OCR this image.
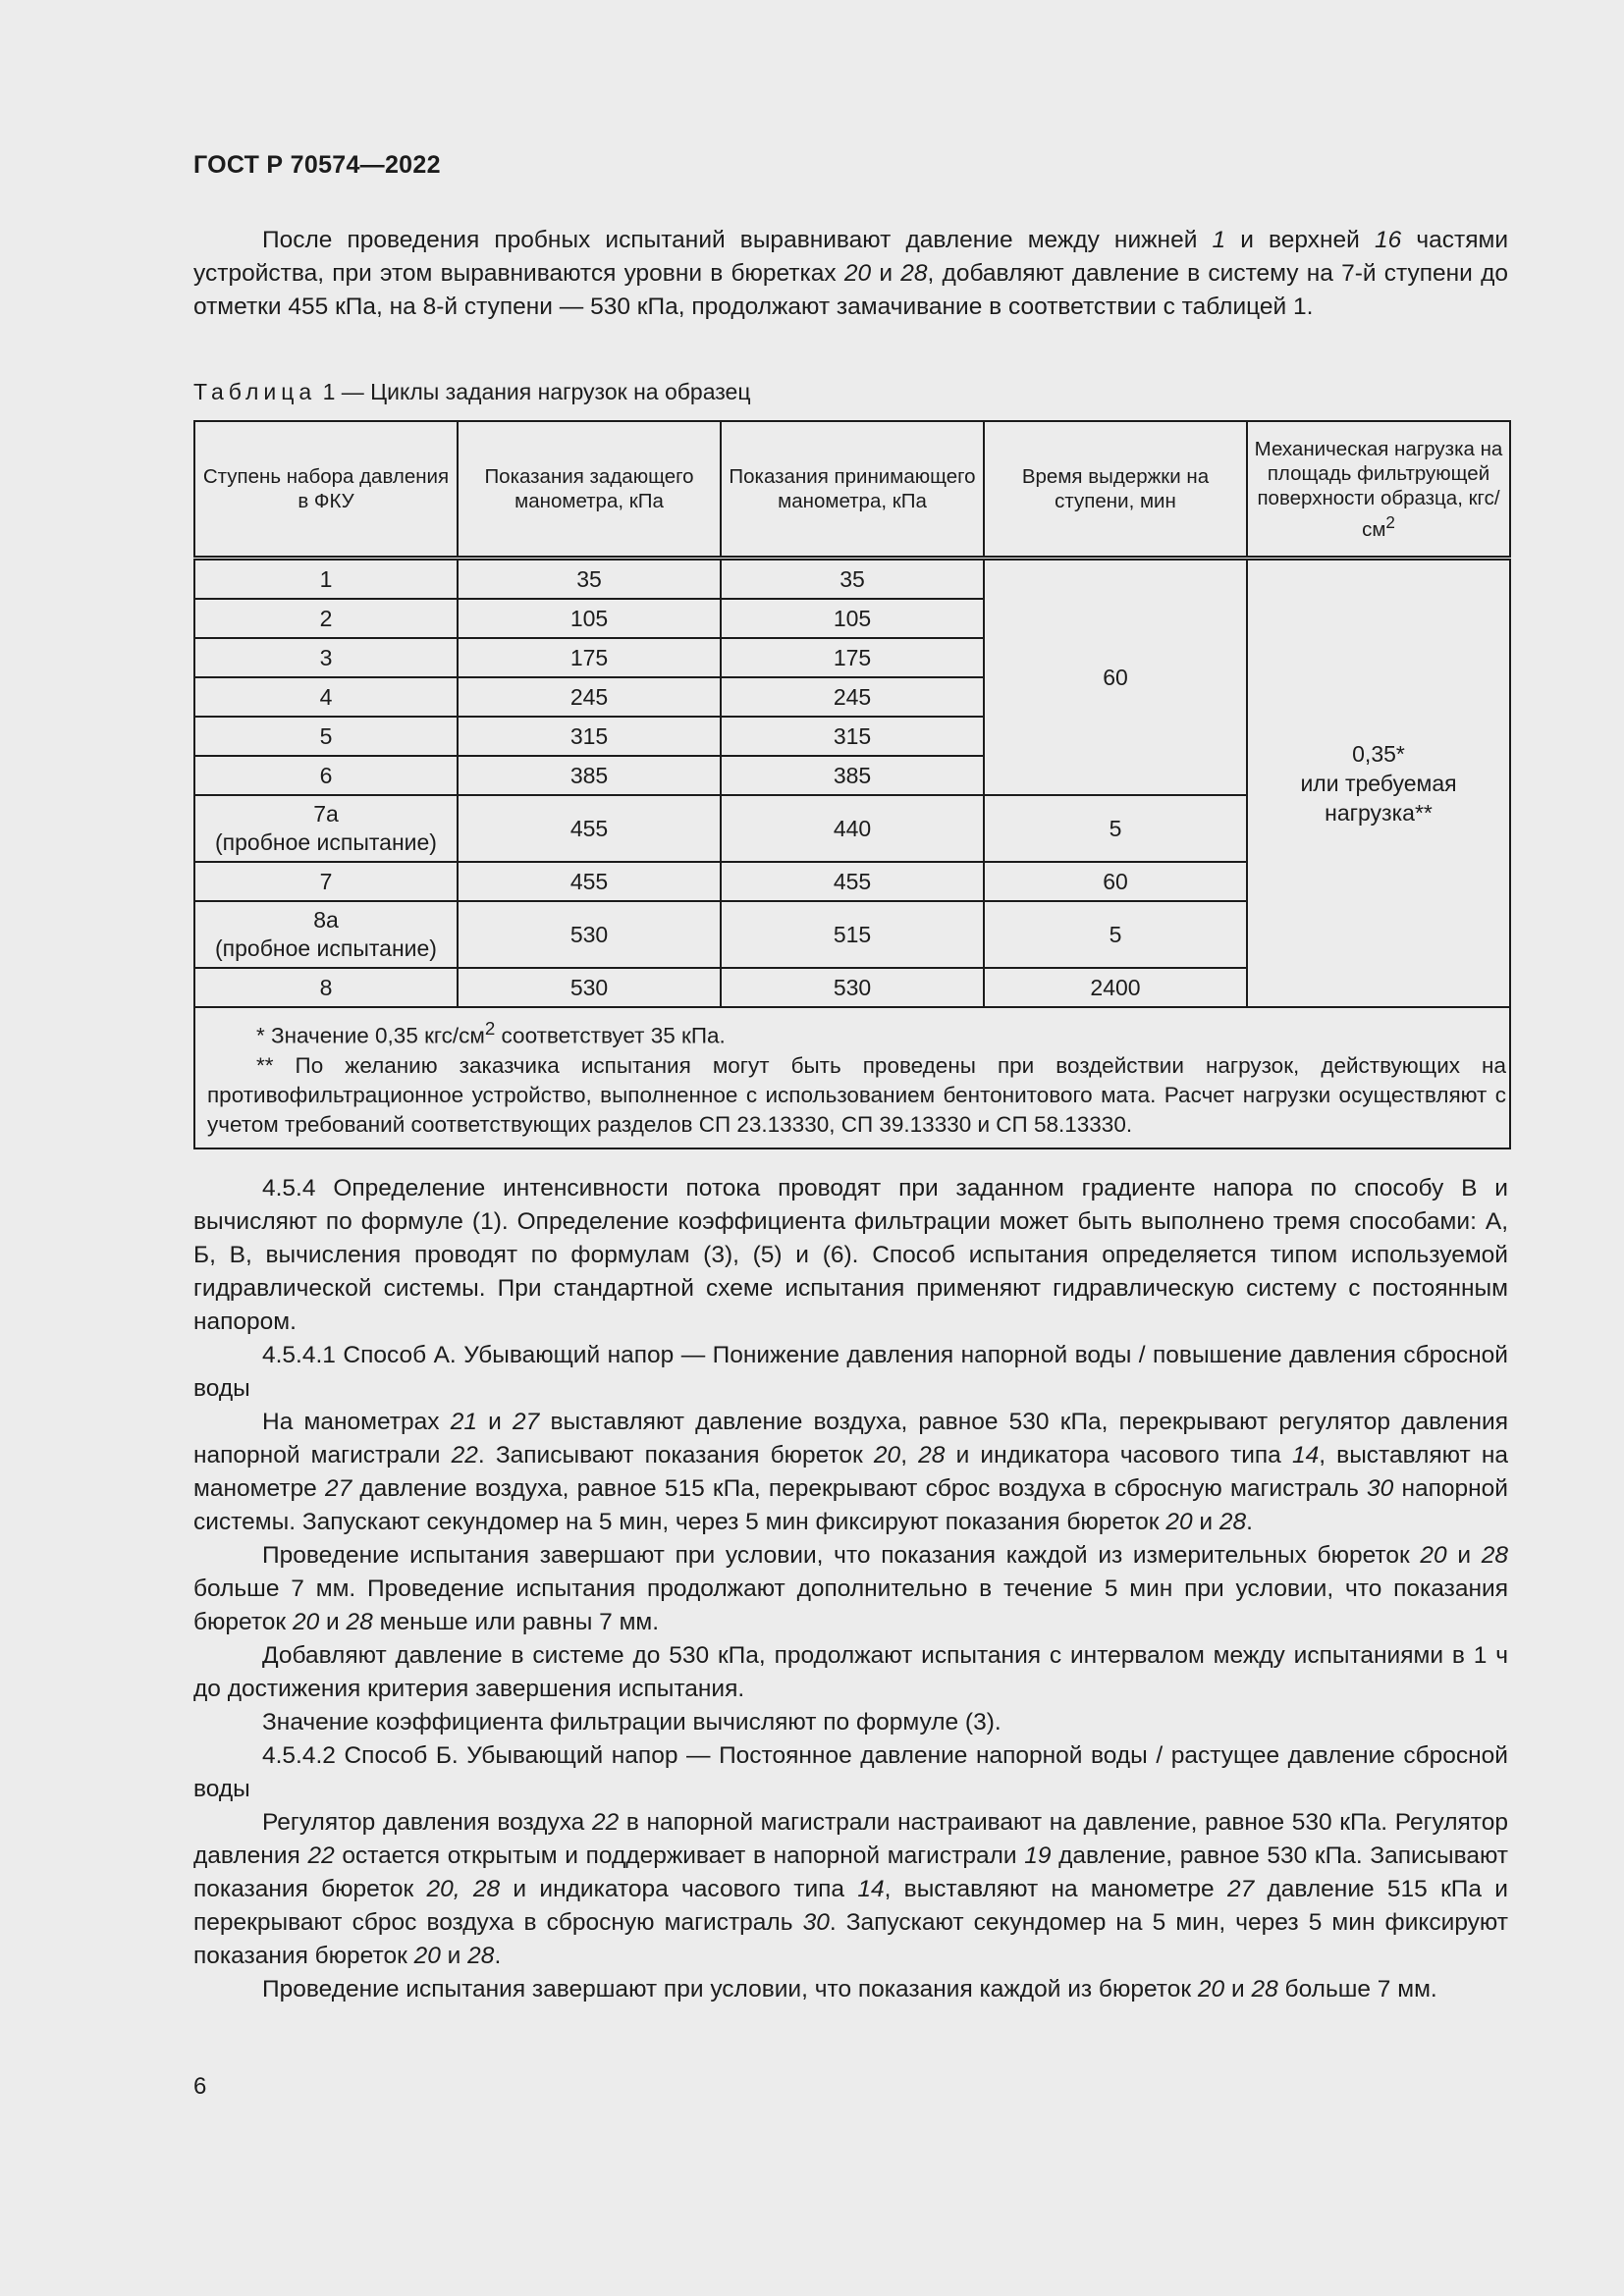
ГОСТ Р 70574—2022

После проведения пробных испытаний выравнивают давление между нижней 1 и верхней 16 частями устройства, при этом выравниваются уровни в бюретках 20 и 28, добавляют давление в систему на 7-й ступени до отметки 455 кПа, на 8-й ступени — 530 кПа, продолжают замачивание в соответствии с таблицей 1.

Таблица 1 — Циклы задания нагрузок на образец
Ступень набора давления в ФКУ	Показания задающего манометра, кПа	Показания принимающего манометра, кПа	Время выдержки на ступени, мин	Механическая нагрузка на площадь фильтрующей поверхности образца, кгс/$см^2$
1	35	35	60	0,35*
или требуемая
нагрузка**
2	105	105		
3	175	175		
4	245	245		
5	315	315		
6	385	385		
7а
(пробное испытание)	455	440	5	
7	455	455	60	
8а
(пробное испытание)	530	515	5	
8	530	530	2400	

* Значение 0,35 кгс/$см^2$ соответствует 35 кПа.

** По желанию заказчика испытания могут быть проведены при воздействии нагрузок, действующих на противофильтрационное устройство, выполненное с использованием бентонитового мата. Расчет нагрузки осуществляют с учетом требований соответствующих разделов СП 23.13330, СП 39.13330 и СП 58.13330.				

4.5.4 Определение интенсивности потока проводят при заданном градиенте напора по способу В и вычисляют по формуле (1). Определение коэффициента фильтрации может быть выполнено тремя способами: А, Б, В, вычисления проводят по формулам (3), (5) и (6). Способ испытания определяется типом используемой гидравлической системы. При стандартной схеме испытания применяют гидравлическую систему с постоянным напором.

4.5.4.1 Способ А. Убывающий напор — Понижение давления напорной воды / повышение давления сбросной воды

На манометрах 21 и 27 выставляют давление воздуха, равное 530 кПа, перекрывают регулятор давления напорной магистрали 22. Записывают показания бюреток 20, 28 и индикатора часового типа 14, выставляют на манометре 27 давление воздуха, равное 515 кПа, перекрывают сброс воздуха в сбросную магистраль 30 напорной системы. Запускают секундомер на 5 мин, через 5 мин фиксируют показания бюреток 20 и 28.

Проведение испытания завершают при условии, что показания каждой из измерительных бюреток 20 и 28 больше 7 мм. Проведение испытания продолжают дополнительно в течение 5 мин при условии, что показания бюреток 20 и 28 меньше или равны 7 мм.

Добавляют давление в системе до 530 кПа, продолжают испытания с интервалом между испытаниями в 1 ч до достижения критерия завершения испытания.

Значение коэффициента фильтрации вычисляют по формуле (3).

4.5.4.2 Способ Б. Убывающий напор — Постоянное давление напорной воды / растущее давление сбросной воды

Регулятор давления воздуха 22 в напорной магистрали настраивают на давление, равное 530 кПа. Регулятор давления 22 остается открытым и поддерживает в напорной магистрали 19 давление, равное 530 кПа. Записывают показания бюреток 20, 28 и индикатора часового типа 14, выставляют на манометре 27 давление 515 кПа и перекрывают сброс воздуха в сбросную магистраль 30. Запускают секундомер на 5 мин, через 5 мин фиксируют показания бюреток 20 и 28.

Проведение испытания завершают при условии, что показания каждой из бюреток 20 и 28 больше 7 мм.

6
